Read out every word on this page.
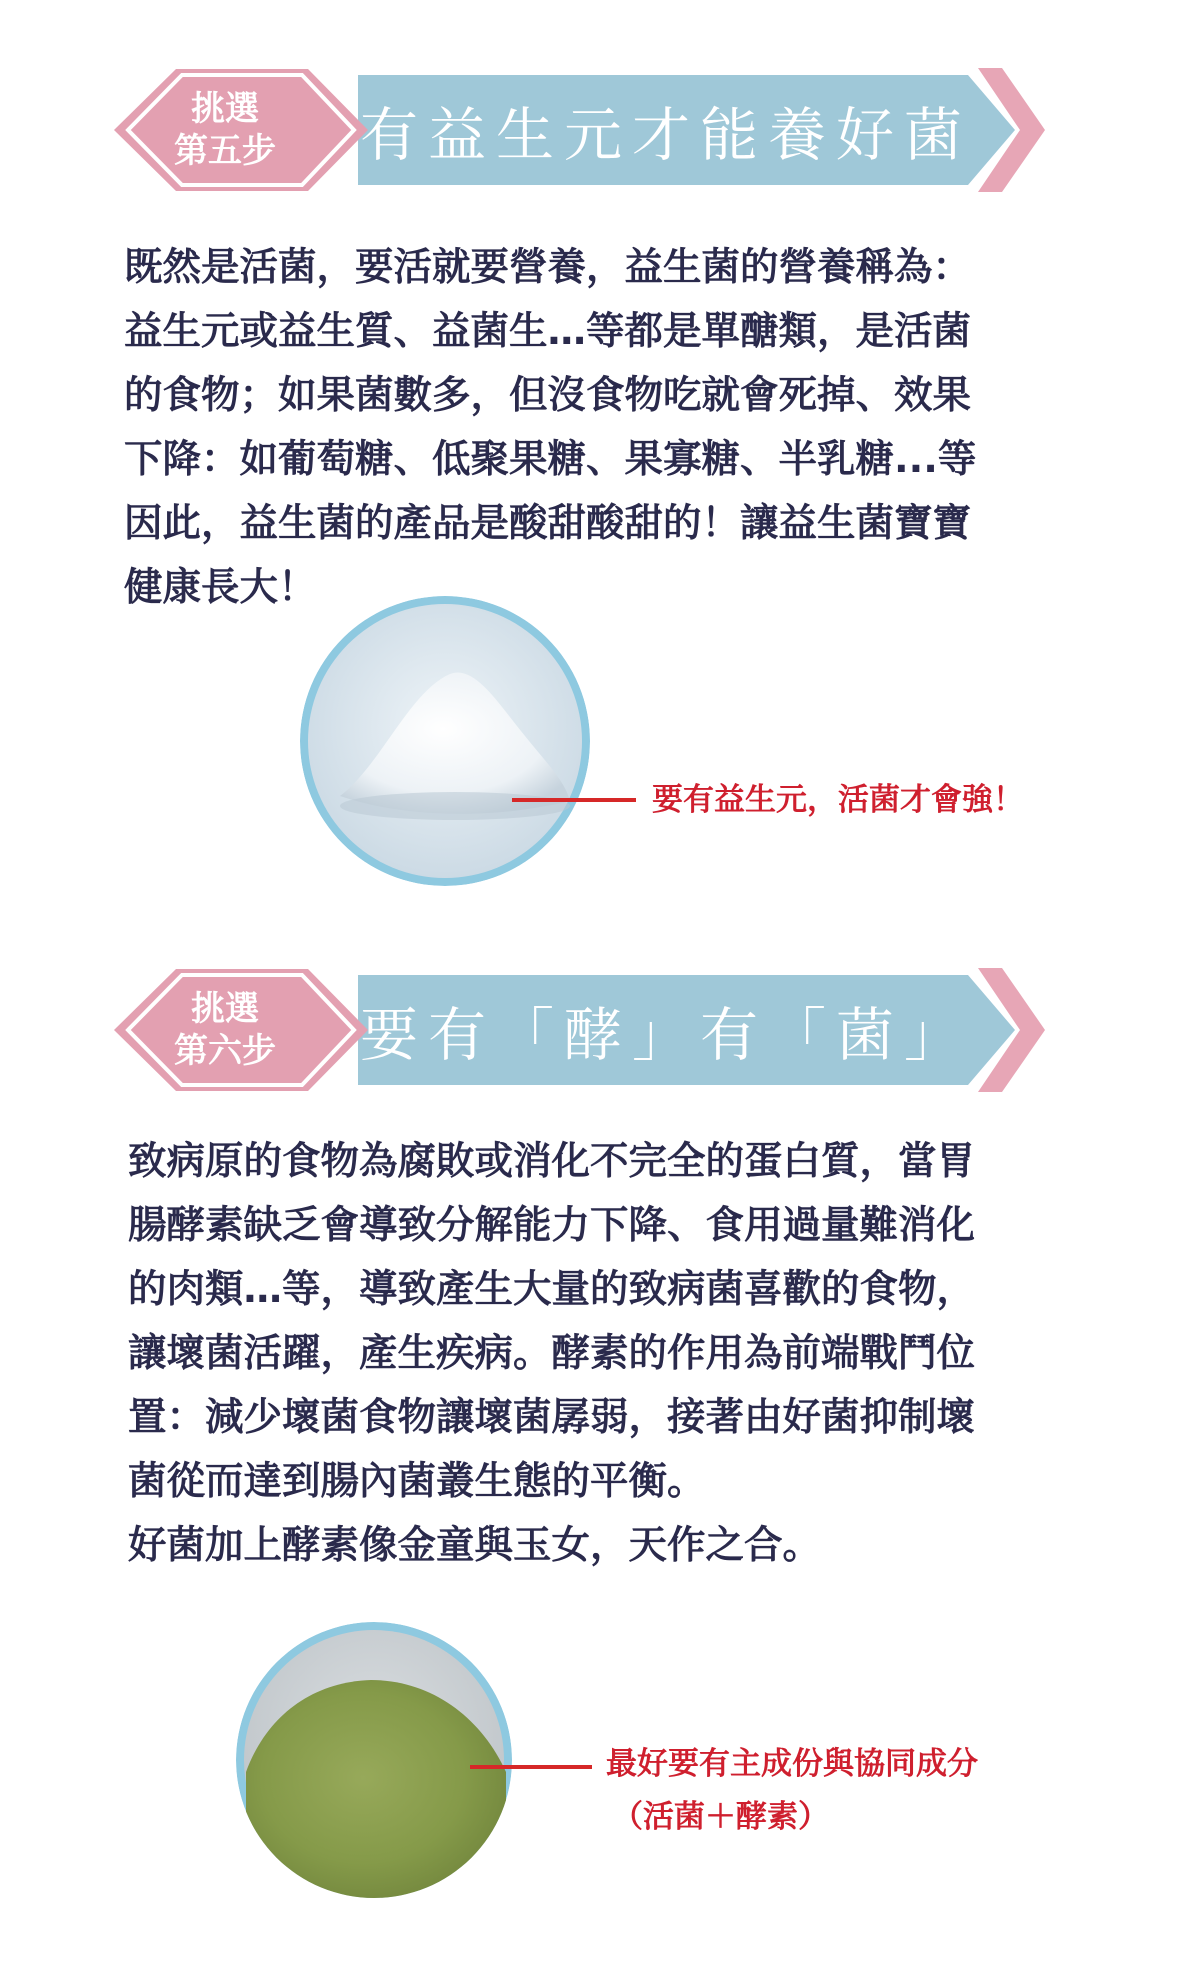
挑選
第五步 有益生元才能養好菌

既然是活菌，要活就要營養，益生菌的營養稱為：

益生元或益生質、益菌生…等都是單醣類，是活菌

的食物；如果菌數多，但沒食物吃就會死掉、效果

下降：如葡萄糖、低聚果糖、果寡糖、半乳糖...等

因此，益生菌的產品是酸甜酸甜的！讓益生菌寶寶

健康長大！

要有益生元，活菌才會強！
挑選
第六步 要有「酵」有「菌」

致病原的食物為腐敗或消化不完全的蛋白質，當胃

腸酵素缺乏會導致分解能力下降、食用過量難消化

的肉類…等，導致產生大量的致病菌喜歡的食物，

讓壞菌活躍，產生疾病。酵素的作用為前端戰鬥位

置：減少壞菌食物讓壞菌孱弱，接著由好菌抑制壞

菌從而達到腸內菌叢生態的平衡。

好菌加上酵素像金童與玉女，天作之合。

最好要有主成份與協同成分
（活菌＋酵素）
